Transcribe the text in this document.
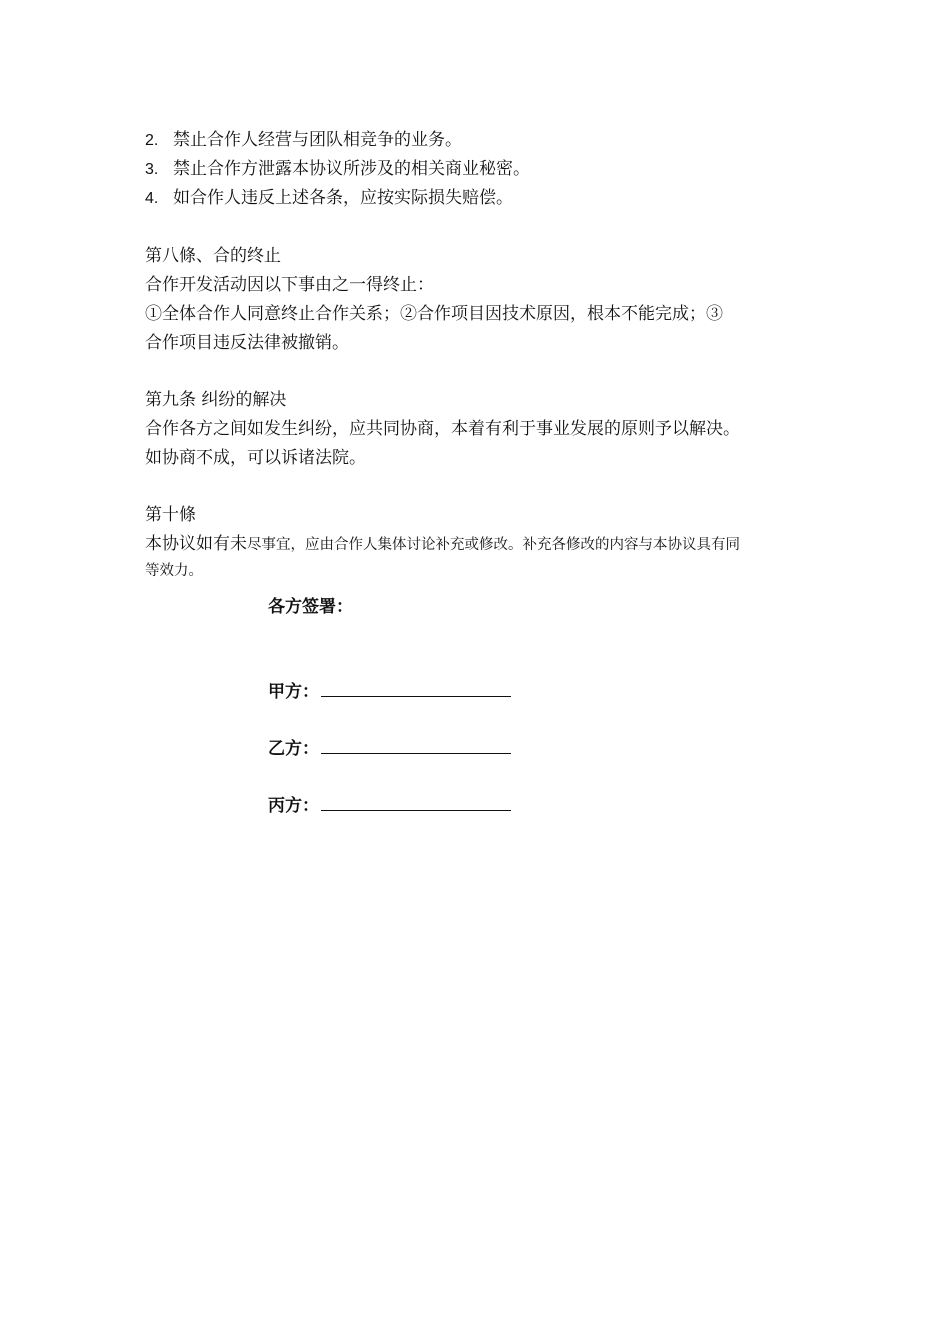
2. 禁止合作人经营与团队相竞争的业务。
3. 禁止合作方泄露本协议所涉及的相关商业秘密。
4. 如合作人违反上述各条，应按实际损失赔偿。
第八條、合的终止
合作开发活动因以下事由之一得终止：
①全体合作人同意终止合作关系；②合作项目因技术原因，根本不能完成；③
合作项目违反法律被撤销。
第九条 纠纷的解决
合作各方之间如发生纠纷，应共同协商，本着有利于事业发展的原则予以解决。
如协商不成，可以诉诸法院。
第十條
本协议如有未尽事宜，应由合作人集体讨论补充或修改。补充各修改的内容与本协议具有同
等效力。
各方签署：
甲方：
乙方：
丙方：
